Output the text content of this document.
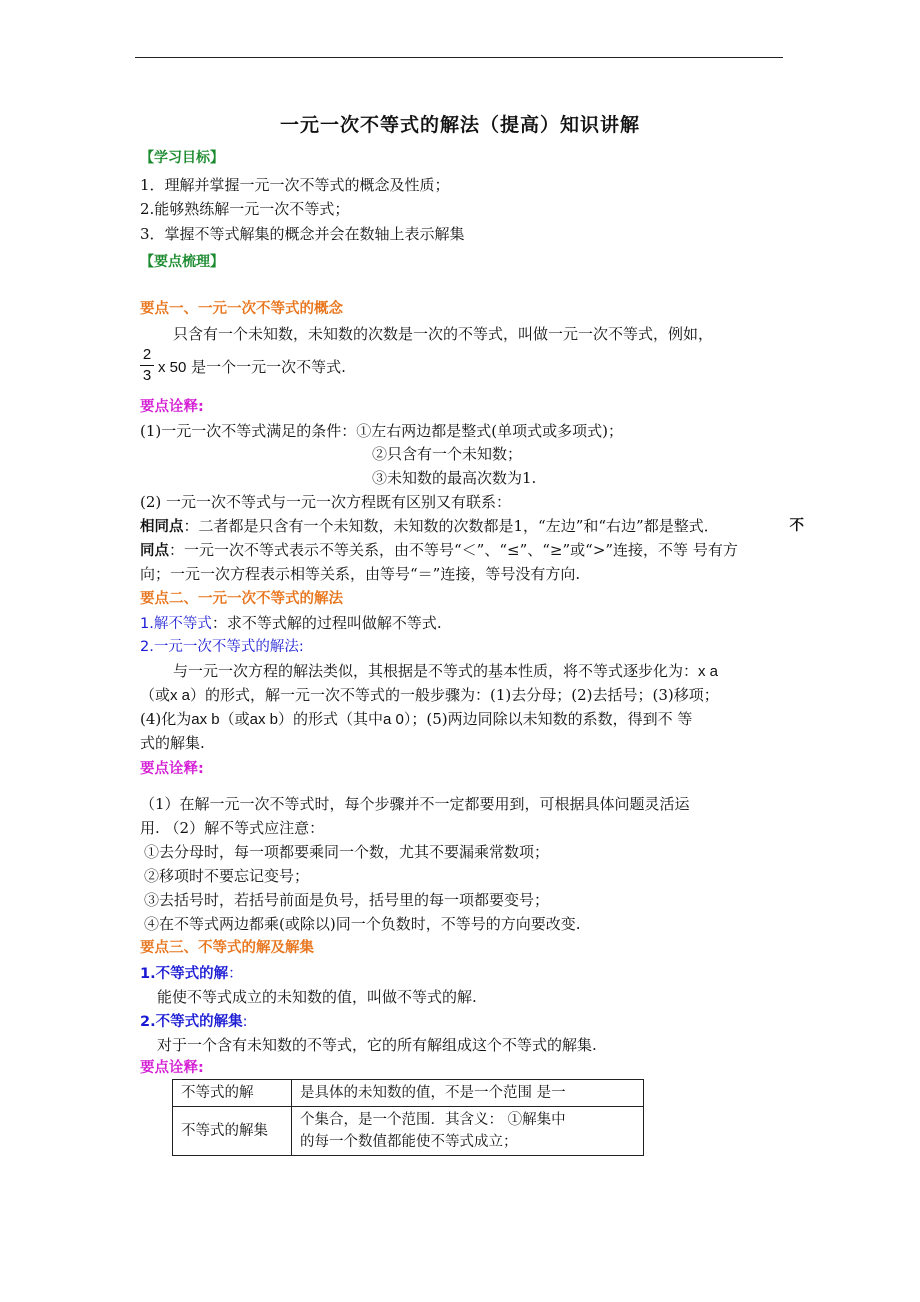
一元一次不等式的解法（提高）知识讲解
【学习目标】
1．理解并掌握一元一次不等式的概念及性质；
2.能够熟练解一元一次不等式；
3．掌握不等式解集的概念并会在数轴上表示解集
【要点梳理】
要点一、一元一次不等式的概念
只含有一个未知数，未知数的次数是一次的不等式，叫做一元一次不等式，例如，
2
3 x 50 是一个一元一次不等式.
要点诠释:
(1)一元一次不等式满足的条件：①左右两边都是整式(单项式或多项式)；
②只含有一个未知数；
③未知数的最高次数为1.
(2) 一元一次不等式与一元一次方程既有区别又有联系：
相同点：二者都是只含有一个未知数，未知数的次数都是1，“左边”和“右边”都是整式．	不
同点：一元一次不等式表示不等关系，由不等号“＜”、“≤”、“≥”或“>”连接，不等 号有方
向；一元一次方程表示相等关系，由等号“＝”连接，等号没有方向.
要点二、一元一次不等式的解法
1.解不等式：求不等式解的过程叫做解不等式.
2.一元一次不等式的解法:
与一元一次方程的解法类似，其根据是不等式的基本性质，将不等式逐步化为：x a
（或x a）的形式，解一元一次不等式的一般步骤为：(1)去分母；(2)去括号；(3)移项；
(4)化为ax b（或ax b）的形式（其中a 0）；(5)两边同除以未知数的系数，得到不 等
式的解集.
要点诠释:
（1）在解一元一次不等式时，每个步骤并不一定都要用到，可根据具体问题灵活运
用. （2）解不等式应注意：
①去分母时，每一项都要乘同一个数，尤其不要漏乘常数项；
②移项时不要忘记变号；
③去括号时，若括号前面是负号，括号里的每一项都要变号；
④在不等式两边都乘(或除以)同一个负数时，不等号的方向要改变.
要点三、不等式的解及解集
1.不等式的解：
能使不等式成立的未知数的值，叫做不等式的解.
2.不等式的解集:
对于一个含有未知数的不等式，它的所有解组成这个不等式的解集.
要点诠释:
不等式的解	是具体的未知数的值，不是一个范围 是一
不等式的解集	个集合，是一个范围．其含义： ①解集中
的每一个数值都能使不等式成立；
